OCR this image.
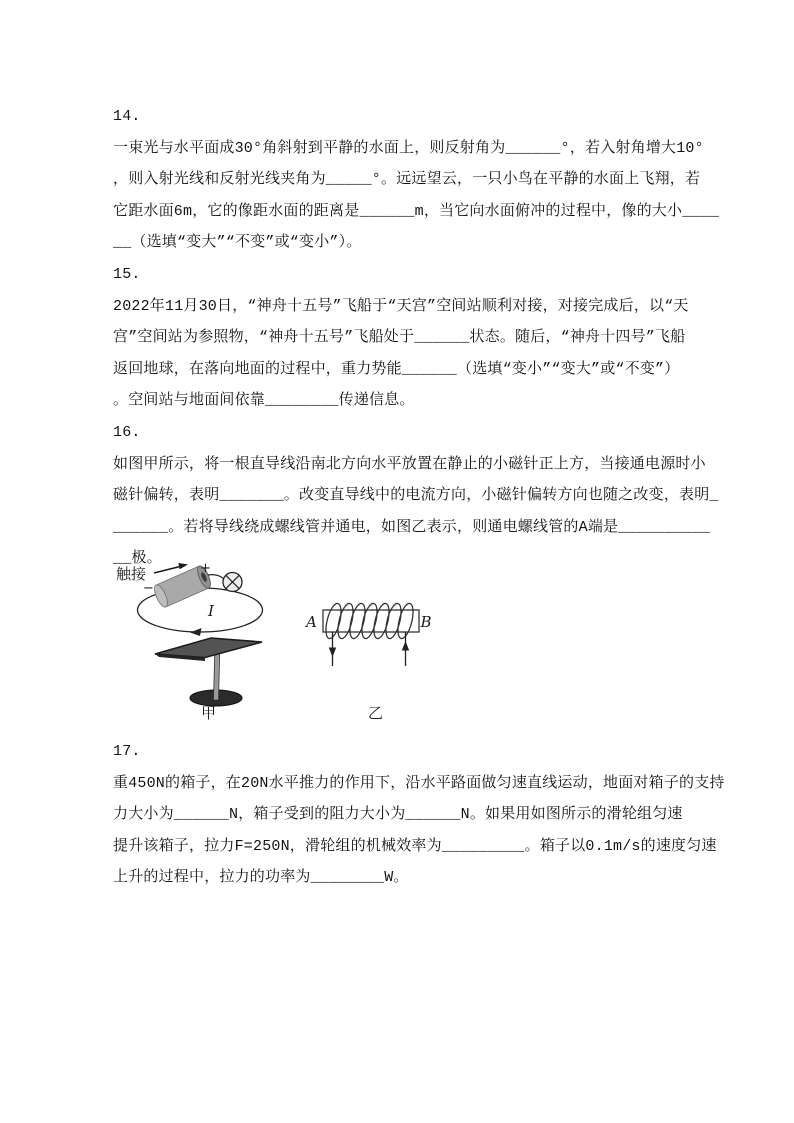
14.
一束光与水平面成30°角斜射到平静的水面上，则反射角为______°，若入射角增大10°
，则入射光线和反射光线夹角为_____°。远远望云，一只小鸟在平静的水面上飞翔，若
它距水面6m，它的像距水面的距离是______m，当它向水面俯冲的过程中，像的大小____
__（选填“变大”“不变”或“变小”）。
15.
2022年11月30日，“神舟十五号”飞船于“天宫”空间站顺利对接，对接完成后，以“天
宫”空间站为参照物，“神舟十五号”飞船处于______状态。随后，“神舟十四号”飞船
返回地球，在落向地面的过程中，重力势能______（选填“变小”“变大”或“不变”）
。空间站与地面间依靠________传递信息。
16.
如图甲所示，将一根直导线沿南北方向水平放置在静止的小磁针正上方，当接通电源时小
磁针偏转，表明_______。改变直导线中的电流方向，小磁针偏转方向也随之改变，表明_
______。若将导线绕成螺线管并通电，如图乙表示，则通电螺线管的A端是__________
__极。
触接
−
+
I
甲
A	B
乙
17.
重450N的箱子，在20N水平推力的作用下，沿水平路面做匀速直线运动，地面对箱子的支持
力大小为______N，箱子受到的阻力大小为______N。如果用如图所示的滑轮组匀速
提升该箱子，拉力F=250N，滑轮组的机械效率为_________。箱子以0.1m/s的速度匀速
上升的过程中，拉力的功率为________W。
